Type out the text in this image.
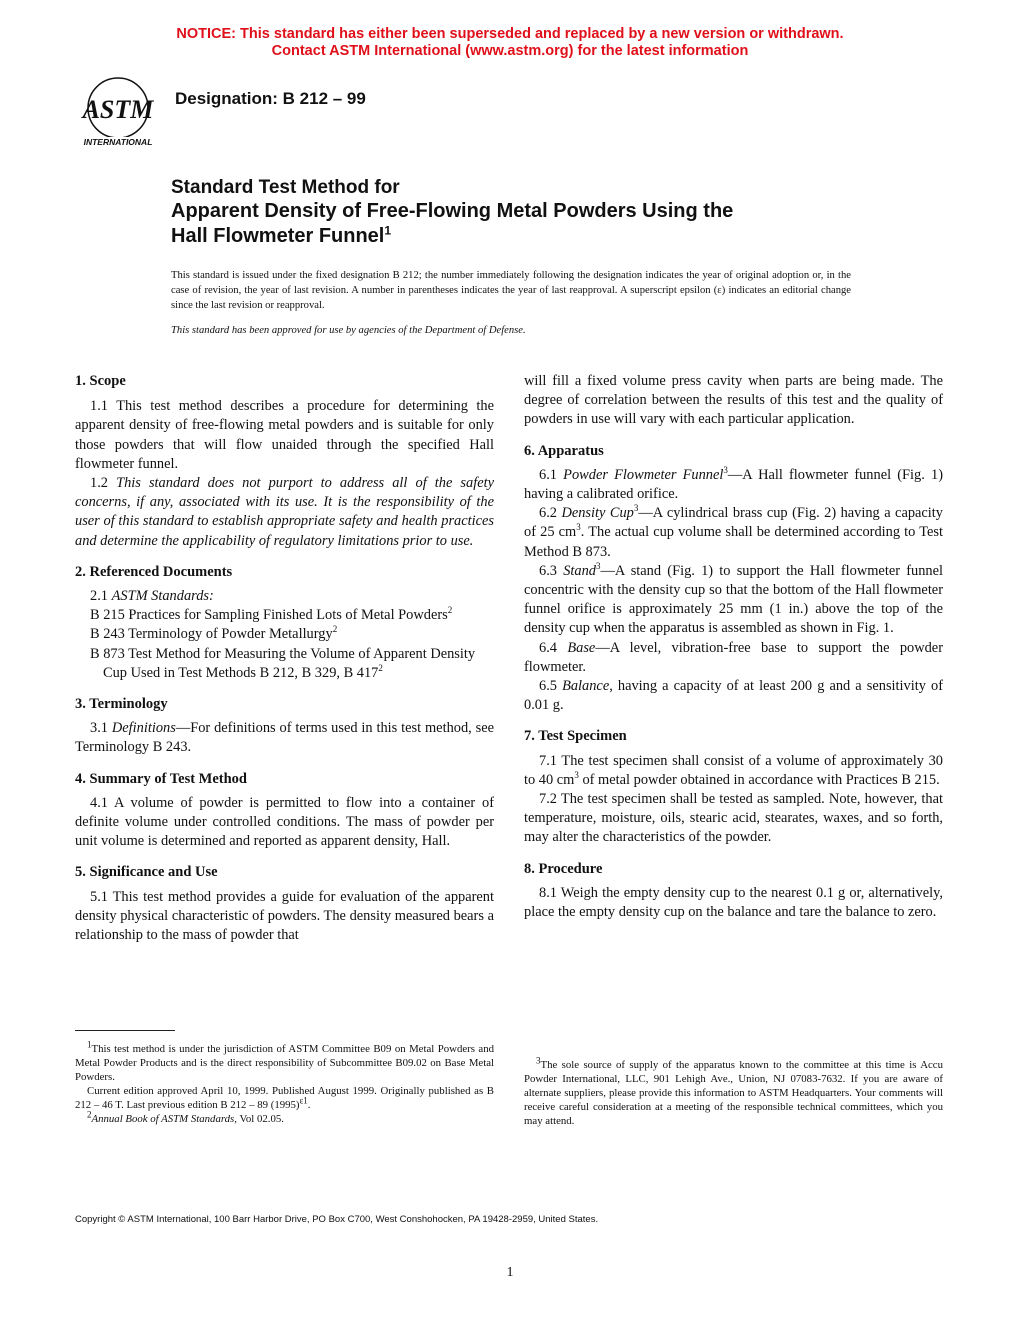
NOTICE: This standard has either been superseded and replaced by a new version or withdrawn.
Contact ASTM International (www.astm.org) for the latest information
ASTM
INTERNATIONAL
Designation: B 212 – 99
Standard Test Method for
Apparent Density of Free-Flowing Metal Powders Using the
Hall Flowmeter Funnel$^1$
This standard is issued under the fixed designation B 212; the number immediately following the designation indicates the year of original adoption or, in the case of revision, the year of last revision. A number in parentheses indicates the year of last reapproval. A superscript epsilon (ε) indicates an editorial change since the last revision or reapproval.
This standard has been approved for use by agencies of the Department of Defense.
1. Scope

1.1 This test method describes a procedure for determining the apparent density of free-flowing metal powders and is suitable for only those powders that will flow unaided through the specified Hall flowmeter funnel.

1.2 This standard does not purport to address all of the safety concerns, if any, associated with its use. It is the responsibility of the user of this standard to establish appropriate safety and health practices and determine the applicability of regulatory limitations prior to use.

2. Referenced Documents

2.1 ASTM Standards:

B 215 Practices for Sampling Finished Lots of Metal Powders$^2$

B 243 Terminology of Powder Metallurgy$^2$

B 873 Test Method for Measuring the Volume of Apparent Density Cup Used in Test Methods B 212, B 329, B $417^2$

3. Terminology

3.1 Definitions—For definitions of terms used in this test method, see Terminology B 243.

4. Summary of Test Method

4.1 A volume of powder is permitted to flow into a container of definite volume under controlled conditions. The mass of powder per unit volume is determined and reported as apparent density, Hall.

5. Significance and Use

5.1 This test method provides a guide for evaluation of the apparent density physical characteristic of powders. The density measured bears a relationship to the mass of powder that

will fill a fixed volume press cavity when parts are being made. The degree of correlation between the results of this test and the quality of powders in use will vary with each particular application.

6. Apparatus

6.1 Powder Flowmeter Funnel$^3$—A Hall flowmeter funnel (Fig. 1) having a calibrated orifice.

6.2 Density Cup$^3$—A cylindrical brass cup (Fig. 2) having a capacity of 25 $cm^3$. The actual cup volume shall be determined according to Test Method B 873.

6.3 Stand$^3$—A stand (Fig. 1) to support the Hall flowmeter funnel concentric with the density cup so that the bottom of the Hall flowmeter funnel orifice is approximately 25 mm (1 in.) above the top of the density cup when the apparatus is assembled as shown in Fig. 1.

6.4 Base—A level, vibration-free base to support the powder flowmeter.

6.5 Balance, having a capacity of at least 200 g and a sensitivity of 0.01 g.

7. Test Specimen

7.1 The test specimen shall consist of a volume of approximately 30 to 40 $cm^3$ of metal powder obtained in accordance with Practices B 215.

7.2 The test specimen shall be tested as sampled. Note, however, that temperature, moisture, oils, stearic acid, stearates, waxes, and so forth, may alter the characteristics of the powder.

8. Procedure

8.1 Weigh the empty density cup to the nearest 0.1 g or, alternatively, place the empty density cup on the balance and tare the balance to zero.

$^1$This test method is under the jurisdiction of ASTM Committee B09 on Metal Powders and Metal Powder Products and is the direct responsibility of Subcommittee B09.02 on Base Metal Powders.

Current edition approved April 10, 1999. Published August 1999. Originally published as B 212 – 46 T. Last previous edition B 212 – 89 $(1995)^{\varepsilon 1}$.

$^2$Annual Book of ASTM Standards, Vol 02.05.

$^3$The sole source of supply of the apparatus known to the committee at this time is Accu Powder International, LLC, 901 Lehigh Ave., Union, NJ 07083-7632. If you are aware of alternate suppliers, please provide this information to ASTM Headquarters. Your comments will receive careful consideration at a meeting of the responsible technical committees, which you may attend.

Copyright © ASTM International, 100 Barr Harbor Drive, PO Box C700, West Conshohocken, PA 19428-2959, United States.
1
